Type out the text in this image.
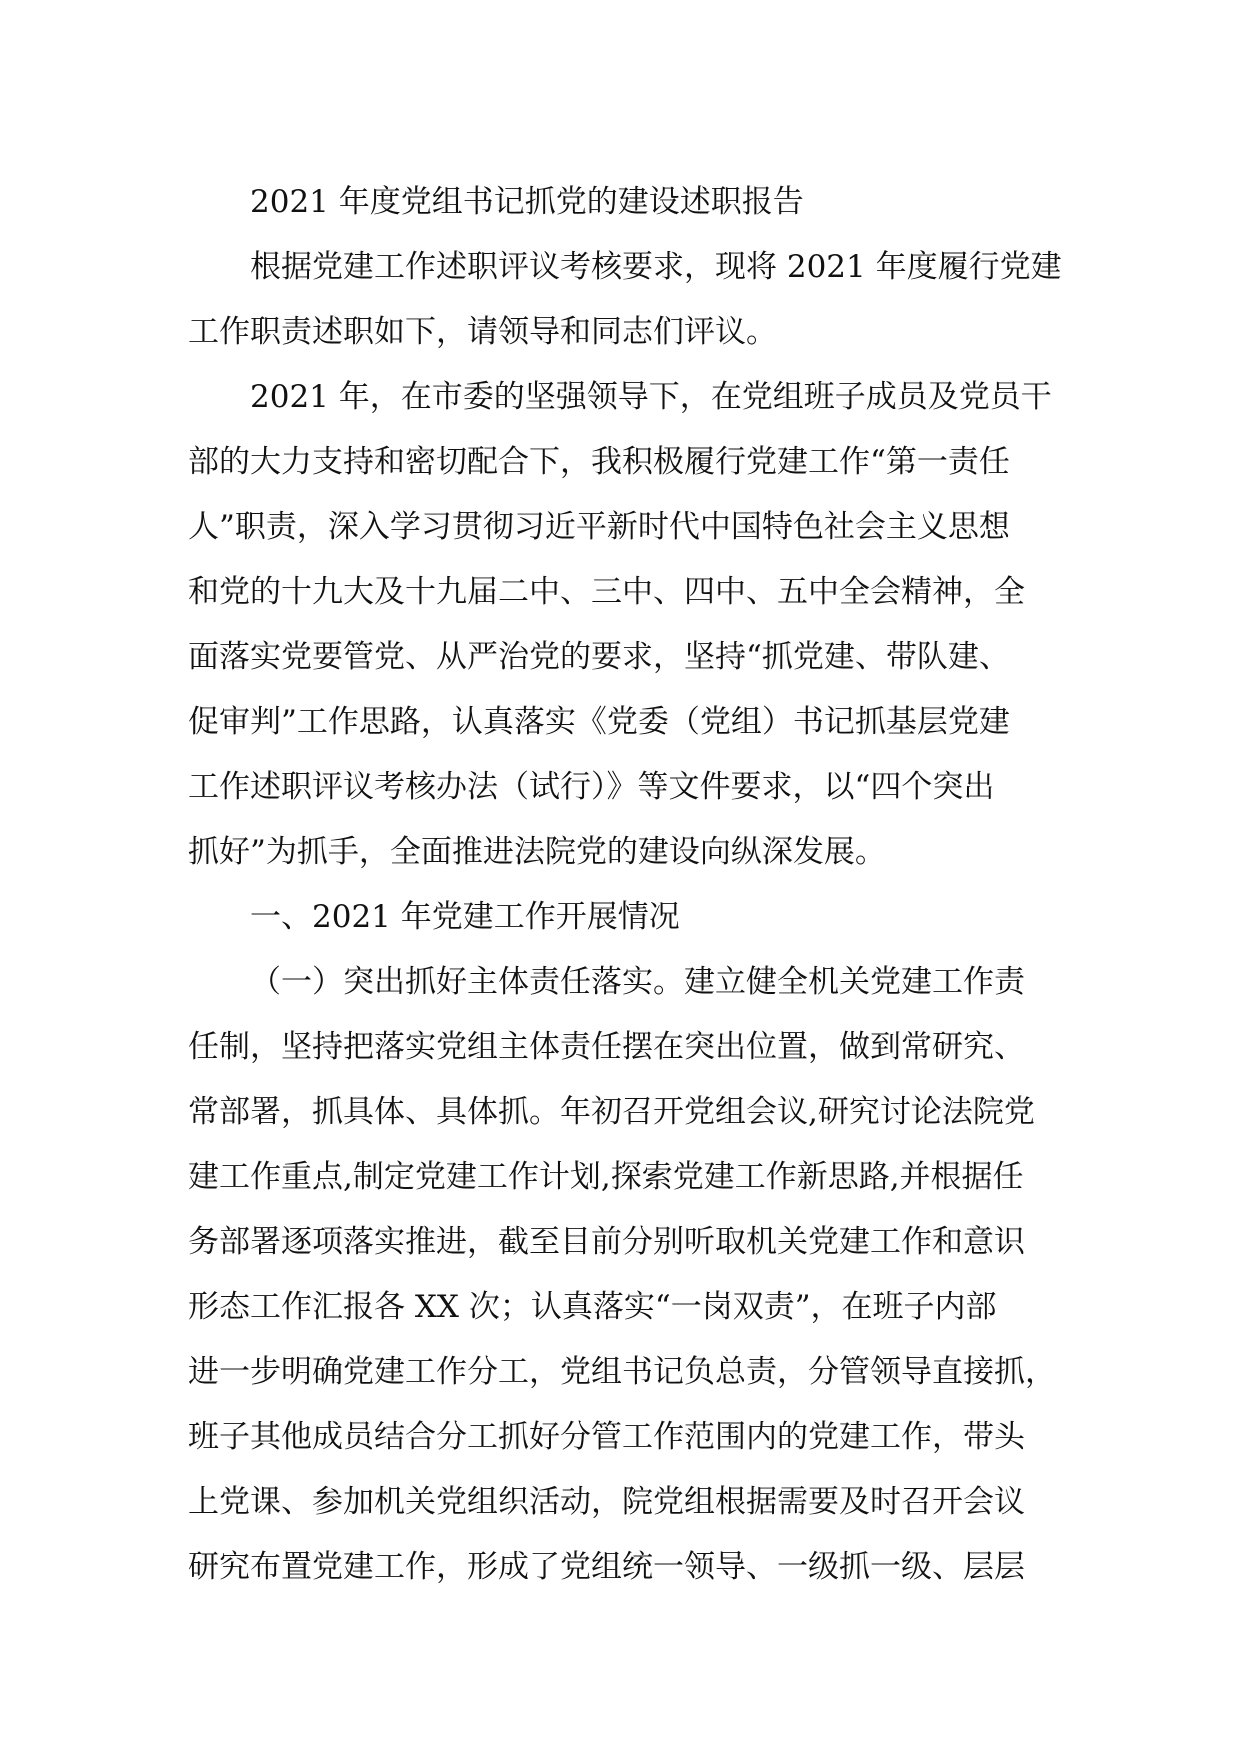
2021 年度党组书记抓党的建设述职报告
根据党建工作述职评议考核要求，现将 2021 年度履行党建
工作职责述职如下，请领导和同志们评议。
2021 年，在市委的坚强领导下，在党组班子成员及党员干
部的大力支持和密切配合下，我积极履行党建工作“第一责任
人”职责，深入学习贯彻习近平新时代中国特色社会主义思想
和党的十九大及十九届二中、三中、四中、五中全会精神，全
面落实党要管党、从严治党的要求，坚持“抓党建、带队建、
促审判”工作思路，认真落实《党委（党组）书记抓基层党建
工作述职评议考核办法（试行）》等文件要求，以“四个突出
抓好”为抓手，全面推进法院党的建设向纵深发展。
一、2021 年党建工作开展情况
（一）突出抓好主体责任落实。建立健全机关党建工作责
任制，坚持把落实党组主体责任摆在突出位置，做到常研究、
常部署，抓具体、具体抓。年初召开党组会议,研究讨论法院党
建工作重点,制定党建工作计划,探索党建工作新思路,并根据任
务部署逐项落实推进，截至目前分别听取机关党建工作和意识
形态工作汇报各 XX 次；认真落实“一岗双责”，在班子内部
进一步明确党建工作分工，党组书记负总责，分管领导直接抓，
班子其他成员结合分工抓好分管工作范围内的党建工作，带头
上党课、参加机关党组织活动，院党组根据需要及时召开会议
研究布置党建工作，形成了党组统一领导、一级抓一级、层层
